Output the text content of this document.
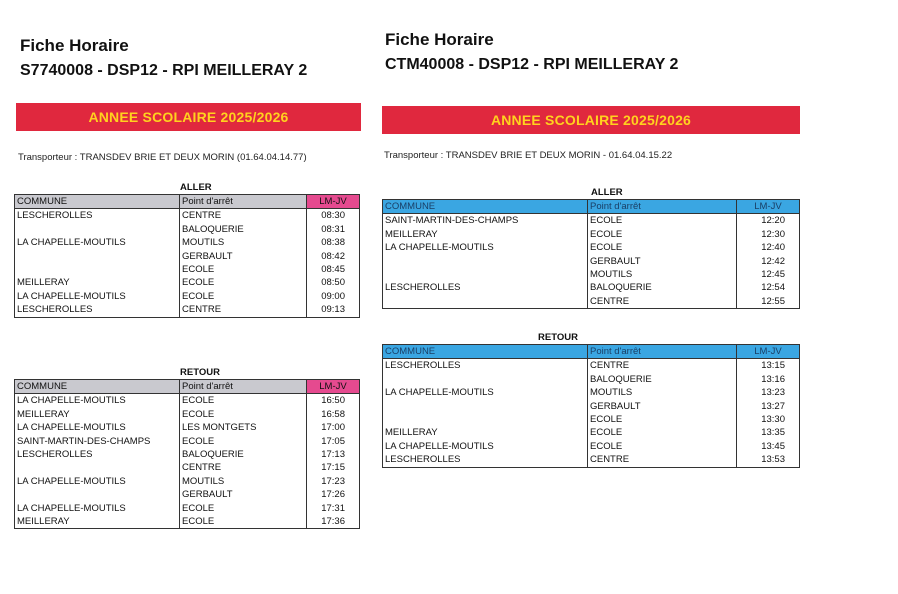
Fiche Horaire
S7740008 - DSP12 - RPI MEILLERAY 2
ANNEE SCOLAIRE 2025/2026
Transporteur : TRANSDEV BRIE ET DEUX MORIN (01.64.04.14.77)
ALLER
COMMUNE	Point d'arrêt	LM-JV
LESCHEROLLES	CENTRE	08:30
	BALOQUERIE	08:31
LA CHAPELLE-MOUTILS	MOUTILS	08:38
	GERBAULT	08:42
	ECOLE	08:45
MEILLERAY	ECOLE	08:50
LA CHAPELLE-MOUTILS	ECOLE	09:00
LESCHEROLLES	CENTRE	09:13
RETOUR
COMMUNE	Point d'arrêt	LM-JV
LA CHAPELLE-MOUTILS	ECOLE	16:50
MEILLERAY	ECOLE	16:58
LA CHAPELLE-MOUTILS	LES MONTGETS	17:00
SAINT-MARTIN-DES-CHAMPS	ECOLE	17:05
LESCHEROLLES	BALOQUERIE	17:13
	CENTRE	17:15
LA CHAPELLE-MOUTILS	MOUTILS	17:23
	GERBAULT	17:26
LA CHAPELLE-MOUTILS	ECOLE	17:31
MEILLERAY	ECOLE	17:36
Fiche Horaire
CTM40008 - DSP12 - RPI MEILLERAY 2
ANNEE SCOLAIRE 2025/2026
Transporteur : TRANSDEV BRIE ET DEUX MORIN - 01.64.04.15.22
ALLER
COMMUNE	Point d'arrêt	LM-JV
SAINT-MARTIN-DES-CHAMPS	ECOLE	12:20
MEILLERAY	ECOLE	12:30
LA CHAPELLE-MOUTILS	ECOLE	12:40
	GERBAULT	12:42
	MOUTILS	12:45
LESCHEROLLES	BALOQUERIE	12:54
	CENTRE	12:55
RETOUR
COMMUNE	Point d'arrêt	LM-JV
LESCHEROLLES	CENTRE	13:15
	BALOQUERIE	13:16
LA CHAPELLE-MOUTILS	MOUTILS	13:23
	GERBAULT	13:27
	ECOLE	13:30
MEILLERAY	ECOLE	13:35
LA CHAPELLE-MOUTILS	ECOLE	13:45
LESCHEROLLES	CENTRE	13:53
